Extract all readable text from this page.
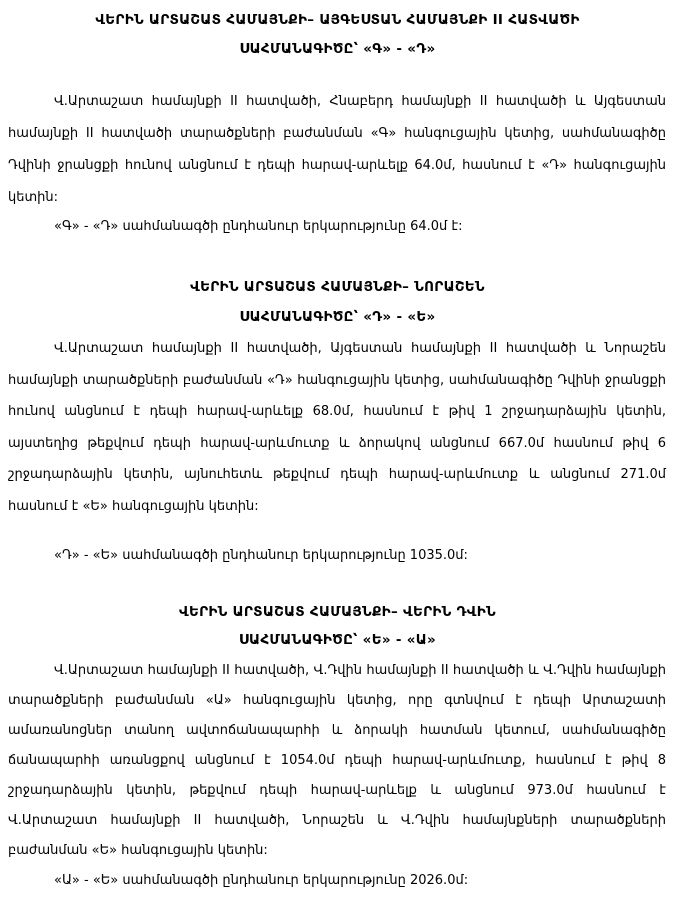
ՎԵՐԻՆ ԱՐՏԱՇԱՏ ՀԱՄԱՅՆՔԻ– ԱՅԳԵՍՏԱՆ ՀԱՄԱՅՆՔԻ II ՀԱՏՎԱԾԻ
ՍԱՀՄԱՆԱԳԻԾԸ՝ «Գ» - «Դ»
Վ.Արտաշատ համայնքի II հատվածի, Հնաբերդ համայնքի II հատվածի և Այգեստան համայնքի II հատվածի տարածքների բաժանման «Գ» հանգուցային կետից, սահմանագիծը Դվինի ջրանցքի հունով անցնում է դեպի հարավ-արևելք 64.0մ, հասնում է «Դ» հանգուցային կետին:
«Գ» - «Դ» սահմանագծի ընդհանուր երկարությունը 64.0մ է:
ՎԵՐԻՆ ԱՐՏԱՇԱՏ ՀԱՄԱՅՆՔԻ– ՆՈՐԱՇԵՆ
ՍԱՀՄԱՆԱԳԻԾԸ՝ «Դ» - «Ե»
Վ.Արտաշատ համայնքի II հատվածի, Այգեստան համայնքի II հատվածի և Նորաշեն համայնքի տարածքների բաժանման «Դ» հանգուցային կետից, սահմանագիծը Դվինի ջրանցքի հունով անցնում է դեպի հարավ-արևելք 68.0մ, հասնում է թիվ 1 շրջադարձային կետին, այստեղից թեքվում դեպի հարավ-արևմուտք և ձորակով անցնում 667.0մ հասնում թիվ 6 շրջադարձային կետին, այնուհետև թեքվում դեպի հարավ-արևմուտք և անցնում 271.0մ հասնում է «Ե» հանգուցային կետին:
«Դ» - «Ե» սահմանագծի ընդհանուր երկարությունը 1035.0մ:
ՎԵՐԻՆ ԱՐՏԱՇԱՏ ՀԱՄԱՅՆՔԻ– ՎԵՐԻՆ ԴՎԻՆ
ՍԱՀՄԱՆԱԳԻԾԸ՝ «Ե» - «Ա»
Վ.Արտաշատ համայնքի II հատվածի, Վ.Դվին համայնքի II հատվածի և Վ.Դվին համայնքի տարածքների բաժանման «Ա» հանգուցային կետից, որը գտնվում է դեպի Արտաշատի ամառանոցներ տանող ավտոճանապարհի և ձորակի հատման կետում, սահմանագիծը ճանապարհի առանցքով անցնում է 1054.0մ դեպի հարավ-արևմուտք, հասնում է թիվ 8 շրջադարձային կետին, թեքվում դեպի հարավ-արևելք և անցնում 973.0մ հասնում է Վ.Արտաշատ համայնքի II հատվածի, Նորաշեն և Վ.Դվին համայնքների տարածքների բաժանման «Ե» հանգուցային կետին:
«Ա» - «Ե» սահմանագծի ընդհանուր երկարությունը 2026.0մ:
